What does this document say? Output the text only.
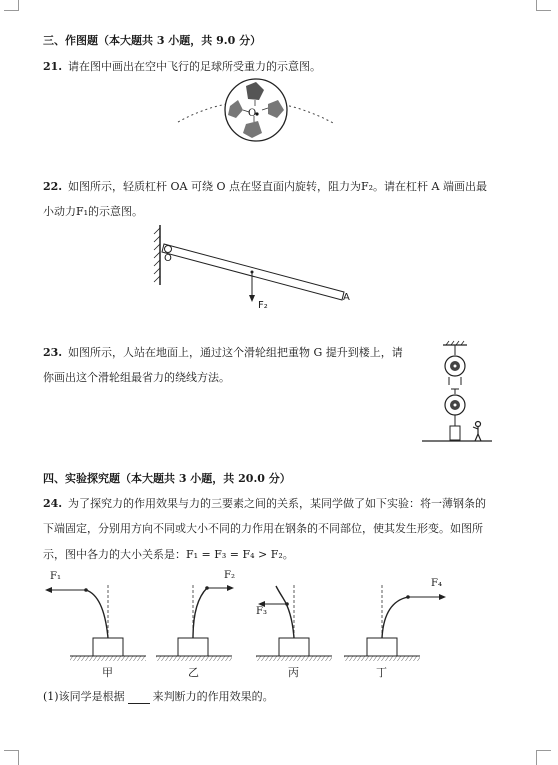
三、作图题（本大题共 3 小题，共 9.0 分）
21. 请在图中画出在空中飞行的足球所受重力的示意图。
O
22. 如图所示，轻质杠杆 OA 可绕 O 点在竖直面内旋转，阻力为F₂。请在杠杆 A 端画出最
小动力F₁的示意图。
O
A
F₂
23. 如图所示，人站在地面上，通过这个滑轮组把重物 G 提升到楼上，请
你画出这个滑轮组最省力的绕线方法。
四、实验探究题（本大题共 3 小题，共 20.0 分）
24. 为了探究力的作用效果与力的三要素之间的关系，某同学做了如下实验：将一薄钢条的
下端固定，分别用方向不同或大小不同的力作用在钢条的不同部位，使其发生形变。如图所
示，图中各力的大小关系是：F₁ = F₃ = F₄ > F₂。
F₁	F₂
F₃
F₄
甲	乙	丙	丁
(1)该同学是根据	来判断力的作用效果的。
